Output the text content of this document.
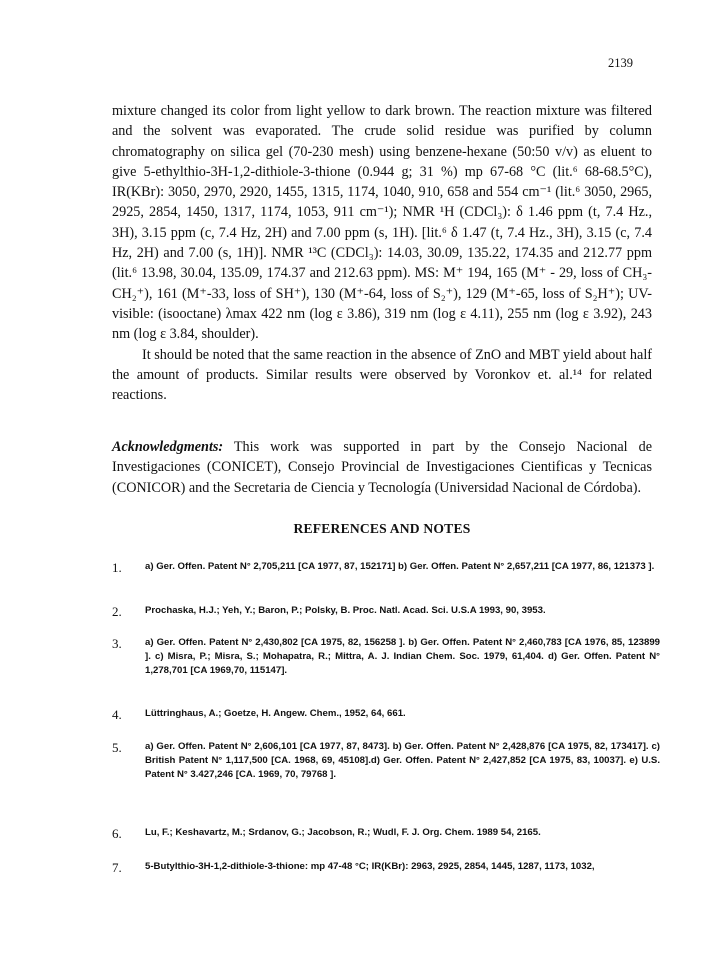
2139

mixture changed its color from light yellow to dark brown. The reaction mixture was filtered and the solvent was evaporated. The crude solid residue was purified by column chromatography on silica gel (70-230 mesh) using benzene-hexane (50:50 v/v) as eluent to give 5-ethylthio-3H-1,2-dithiole-3-thione (0.944 g; 31 %) mp 67-68 °C (lit.⁶ 68-68.5°C), IR(KBr): 3050, 2970, 2920, 1455, 1315, 1174, 1040, 910, 658 and 554 cm⁻¹ (lit.⁶ 3050, 2965, 2925, 2854, 1450, 1317, 1174, 1053, 911 cm⁻¹); NMR ¹H (CDCl₃): δ 1.46 ppm (t, 7.4 Hz., 3H), 3.15 ppm (c, 7.4 Hz, 2H) and 7.00 ppm (s, 1H). [lit.⁶ δ 1.47 (t, 7.4 Hz., 3H), 3.15 (c, 7.4 Hz, 2H) and 7.00 (s, 1H)]. NMR ¹³C (CDCl₃): 14.03, 30.09, 135.22, 174.35 and 212.77 ppm (lit.⁶ 13.98, 30.04, 135.09, 174.37 and 212.63 ppm). MS: M⁺ 194, 165 (M⁺ - 29, loss of CH₃-CH₂⁺), 161 (M⁺-33, loss of SH⁺), 130 (M⁺-64, loss of S₂⁺), 129 (M⁺-65, loss of S₂H⁺); UV-visible: (isooctane) λmax 422 nm (log ε 3.86), 319 nm (log ε 4.11), 255 nm (log ε 3.92), 243 nm (log ε 3.84, shoulder).

It should be noted that the same reaction in the absence of ZnO and MBT yield about half the amount of products. Similar results were observed by Voronkov et. al.¹⁴ for related reactions.

Acknowledgments: This work was supported in part by the Consejo Nacional de Investigaciones (CONICET), Consejo Provincial de Investigaciones Cientificas y Tecnicas (CONICOR) and the Secretaria de Ciencia y Tecnología (Universidad Nacional de Córdoba).

REFERENCES AND NOTES

1. a) Ger. Offen. Patent N° 2,705,211 [CA 1977, 87, 152171] b) Ger. Offen. Patent N° 2,657,211 [CA 1977, 86, 121373 ].
2. Prochaska, H.J.; Yeh, Y.; Baron, P.; Polsky, B. Proc. Natl. Acad. Sci. U.S.A 1993, 90, 3953.
3. a) Ger. Offen. Patent N° 2,430,802 [CA 1975, 82, 156258 ]. b) Ger. Offen. Patent N° 2,460,783 [CA 1976, 85, 123899 ]. c) Misra, P.; Misra, S.; Mohapatra, R.; Mittra, A. J. Indian Chem. Soc. 1979, 61,404. d) Ger. Offen. Patent N° 1,278,701 [CA 1969,70, 115147].
4. Lüttringhaus, A.; Goetze, H. Angew. Chem., 1952, 64, 661.
5. a) Ger. Offen. Patent N° 2,606,101 [CA 1977, 87, 8473]. b) Ger. Offen. Patent N° 2,428,876 [CA 1975, 82, 173417]. c) British Patent N° 1,117,500 [CA. 1968, 69, 45108].d) Ger. Offen. Patent N° 2,427,852 [CA 1975, 83, 10037]. e) U.S. Patent N° 3.427,246 [CA. 1969, 70, 79768 ].
6. Lu, F.; Keshavartz, M.; Srdanov, G.; Jacobson, R.; Wudl, F. J. Org. Chem. 1989 54, 2165.
7. 5-Butylthio-3H-1,2-dithiole-3-thione: mp 47-48 °C; IR(KBr): 2963, 2925, 2854, 1445, 1287, 1173, 1032,
